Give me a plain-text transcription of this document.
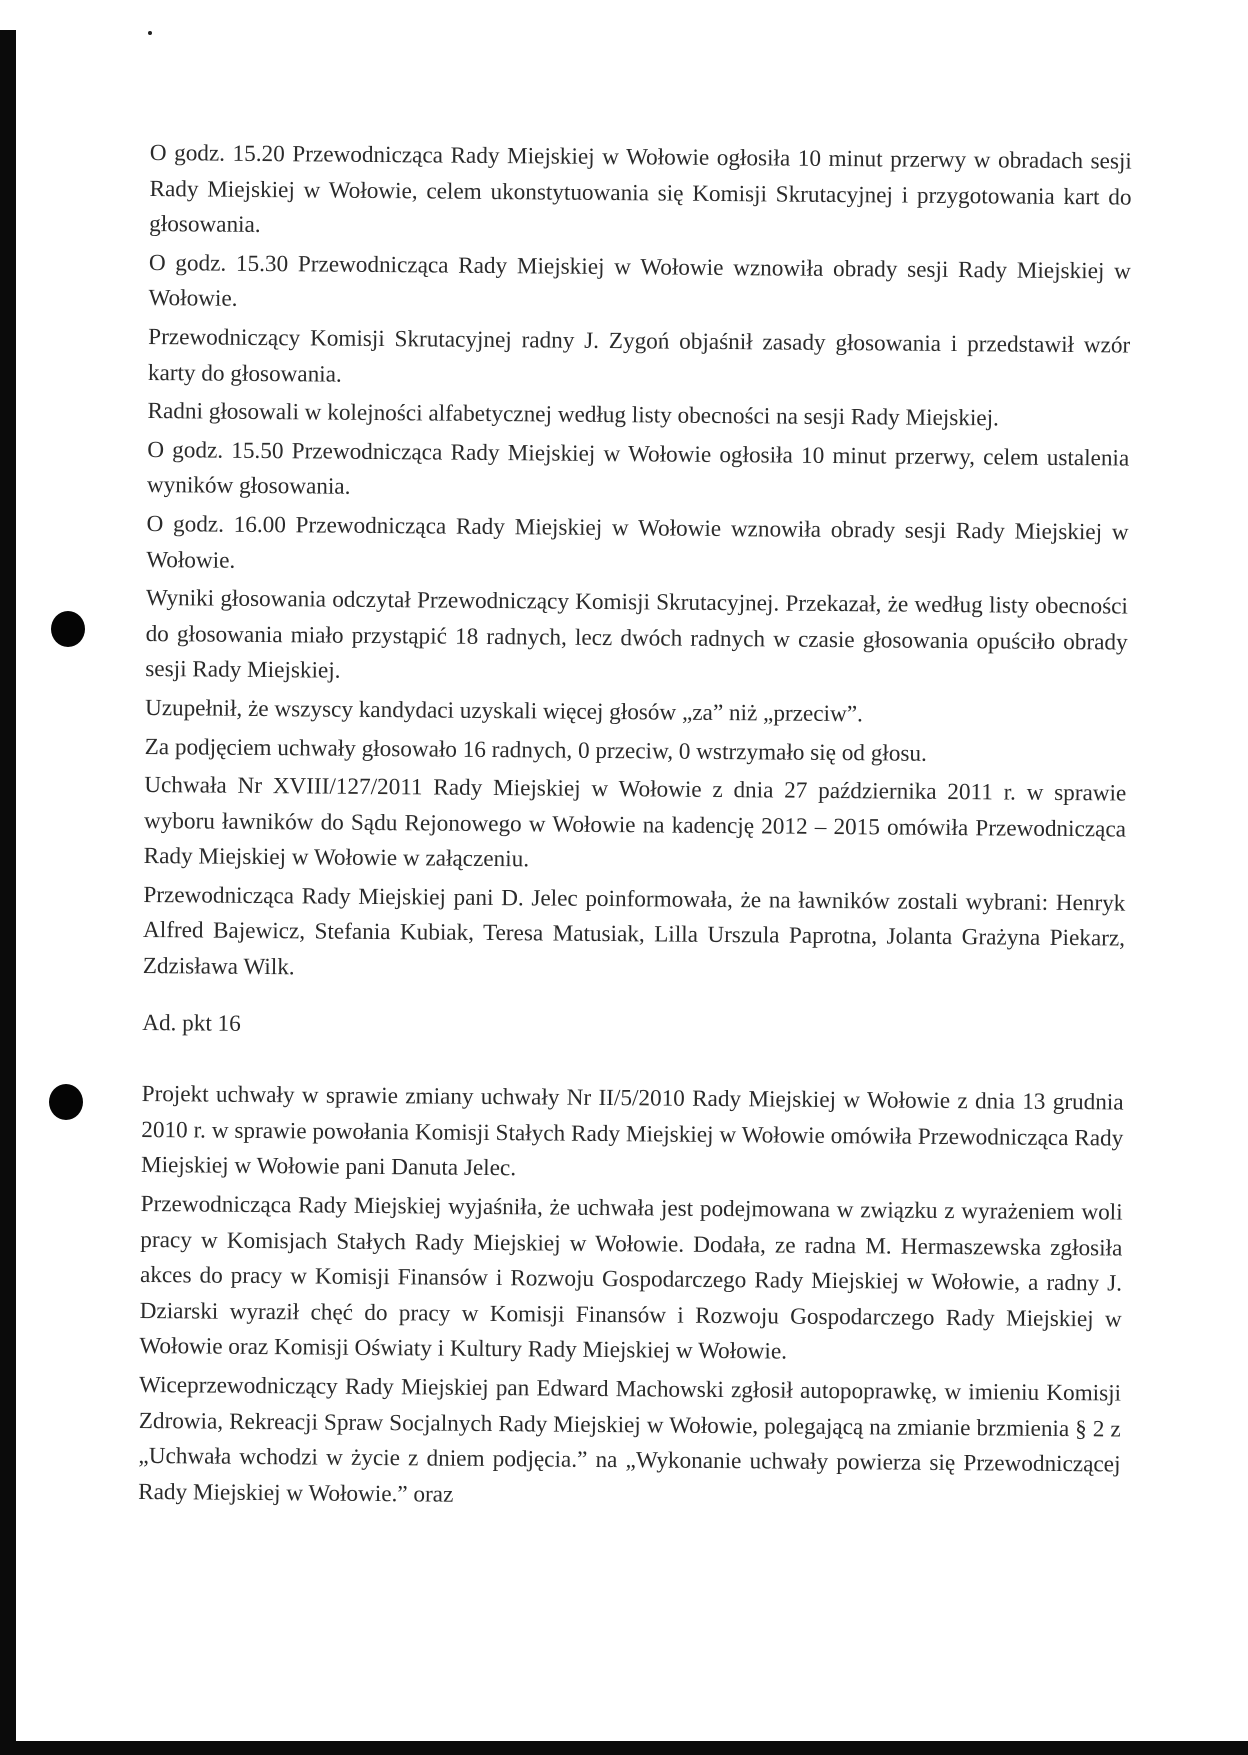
O godz. 15.20 Przewodnicząca Rady Miejskiej w Wołowie ogłosiła 10 minut przerwy w obradach sesji Rady Miejskiej w Wołowie, celem ukonstytuowania się Komisji Skrutacyjnej i przygotowania kart do głosowania.

O godz. 15.30 Przewodnicząca Rady Miejskiej w Wołowie wznowiła obrady sesji Rady Miejskiej w Wołowie.

Przewodniczący Komisji Skrutacyjnej radny J. Zygoń objaśnił zasady głosowania i przedstawił wzór karty do głosowania.

Radni głosowali w kolejności alfabetycznej według listy obecności na sesji Rady Miejskiej.

O godz. 15.50 Przewodnicząca Rady Miejskiej w Wołowie ogłosiła 10 minut przerwy, celem ustalenia wyników głosowania.

O godz. 16.00 Przewodnicząca Rady Miejskiej w Wołowie wznowiła obrady sesji Rady Miejskiej w Wołowie.

Wyniki głosowania odczytał Przewodniczący Komisji Skrutacyjnej. Przekazał, że według listy obecności do głosowania miało przystąpić 18 radnych, lecz dwóch radnych w czasie głosowania opuściło obrady sesji Rady Miejskiej.

Uzupełnił, że wszyscy kandydaci uzyskali więcej głosów „za” niż „przeciw”.

Za podjęciem uchwały głosowało 16 radnych, 0 przeciw, 0 wstrzymało się od głosu.

Uchwała Nr XVIII/127/2011 Rady Miejskiej w Wołowie z dnia 27 października 2011 r. w sprawie wyboru ławników do Sądu Rejonowego w Wołowie na kadencję 2012 – 2015 omówiła Przewodnicząca Rady Miejskiej w Wołowie w załączeniu.

Przewodnicząca Rady Miejskiej pani D. Jelec poinformowała, że na ławników zostali wybrani: Henryk Alfred Bajewicz, Stefania Kubiak, Teresa Matusiak, Lilla Urszula Paprotna, Jolanta Grażyna Piekarz, Zdzisława Wilk.

Ad. pkt 16

Projekt uchwały w sprawie zmiany uchwały Nr II/5/2010 Rady Miejskiej w Wołowie z dnia 13 grudnia 2010 r. w sprawie powołania Komisji Stałych Rady Miejskiej w Wołowie omówiła Przewodnicząca Rady Miejskiej w Wołowie pani Danuta Jelec.

Przewodnicząca Rady Miejskiej wyjaśniła, że uchwała jest podejmowana w związku z wyrażeniem woli pracy w Komisjach Stałych Rady Miejskiej w Wołowie. Dodała, ze radna M. Hermaszewska zgłosiła akces do pracy w Komisji Finansów i Rozwoju Gospodarczego Rady Miejskiej w Wołowie, a radny J. Dziarski wyraził chęć do pracy w Komisji Finansów i Rozwoju Gospodarczego Rady Miejskiej w Wołowie oraz Komisji Oświaty i Kultury Rady Miejskiej w Wołowie.

Wiceprzewodniczący Rady Miejskiej pan Edward Machowski zgłosił autopoprawkę, w imieniu Komisji Zdrowia, Rekreacji Spraw Socjalnych Rady Miejskiej w Wołowie, polegającą na zmianie brzmienia § 2 z „Uchwała wchodzi w życie z dniem podjęcia.” na „Wykonanie uchwały powierza się Przewodniczącej Rady Miejskiej w Wołowie.” oraz
